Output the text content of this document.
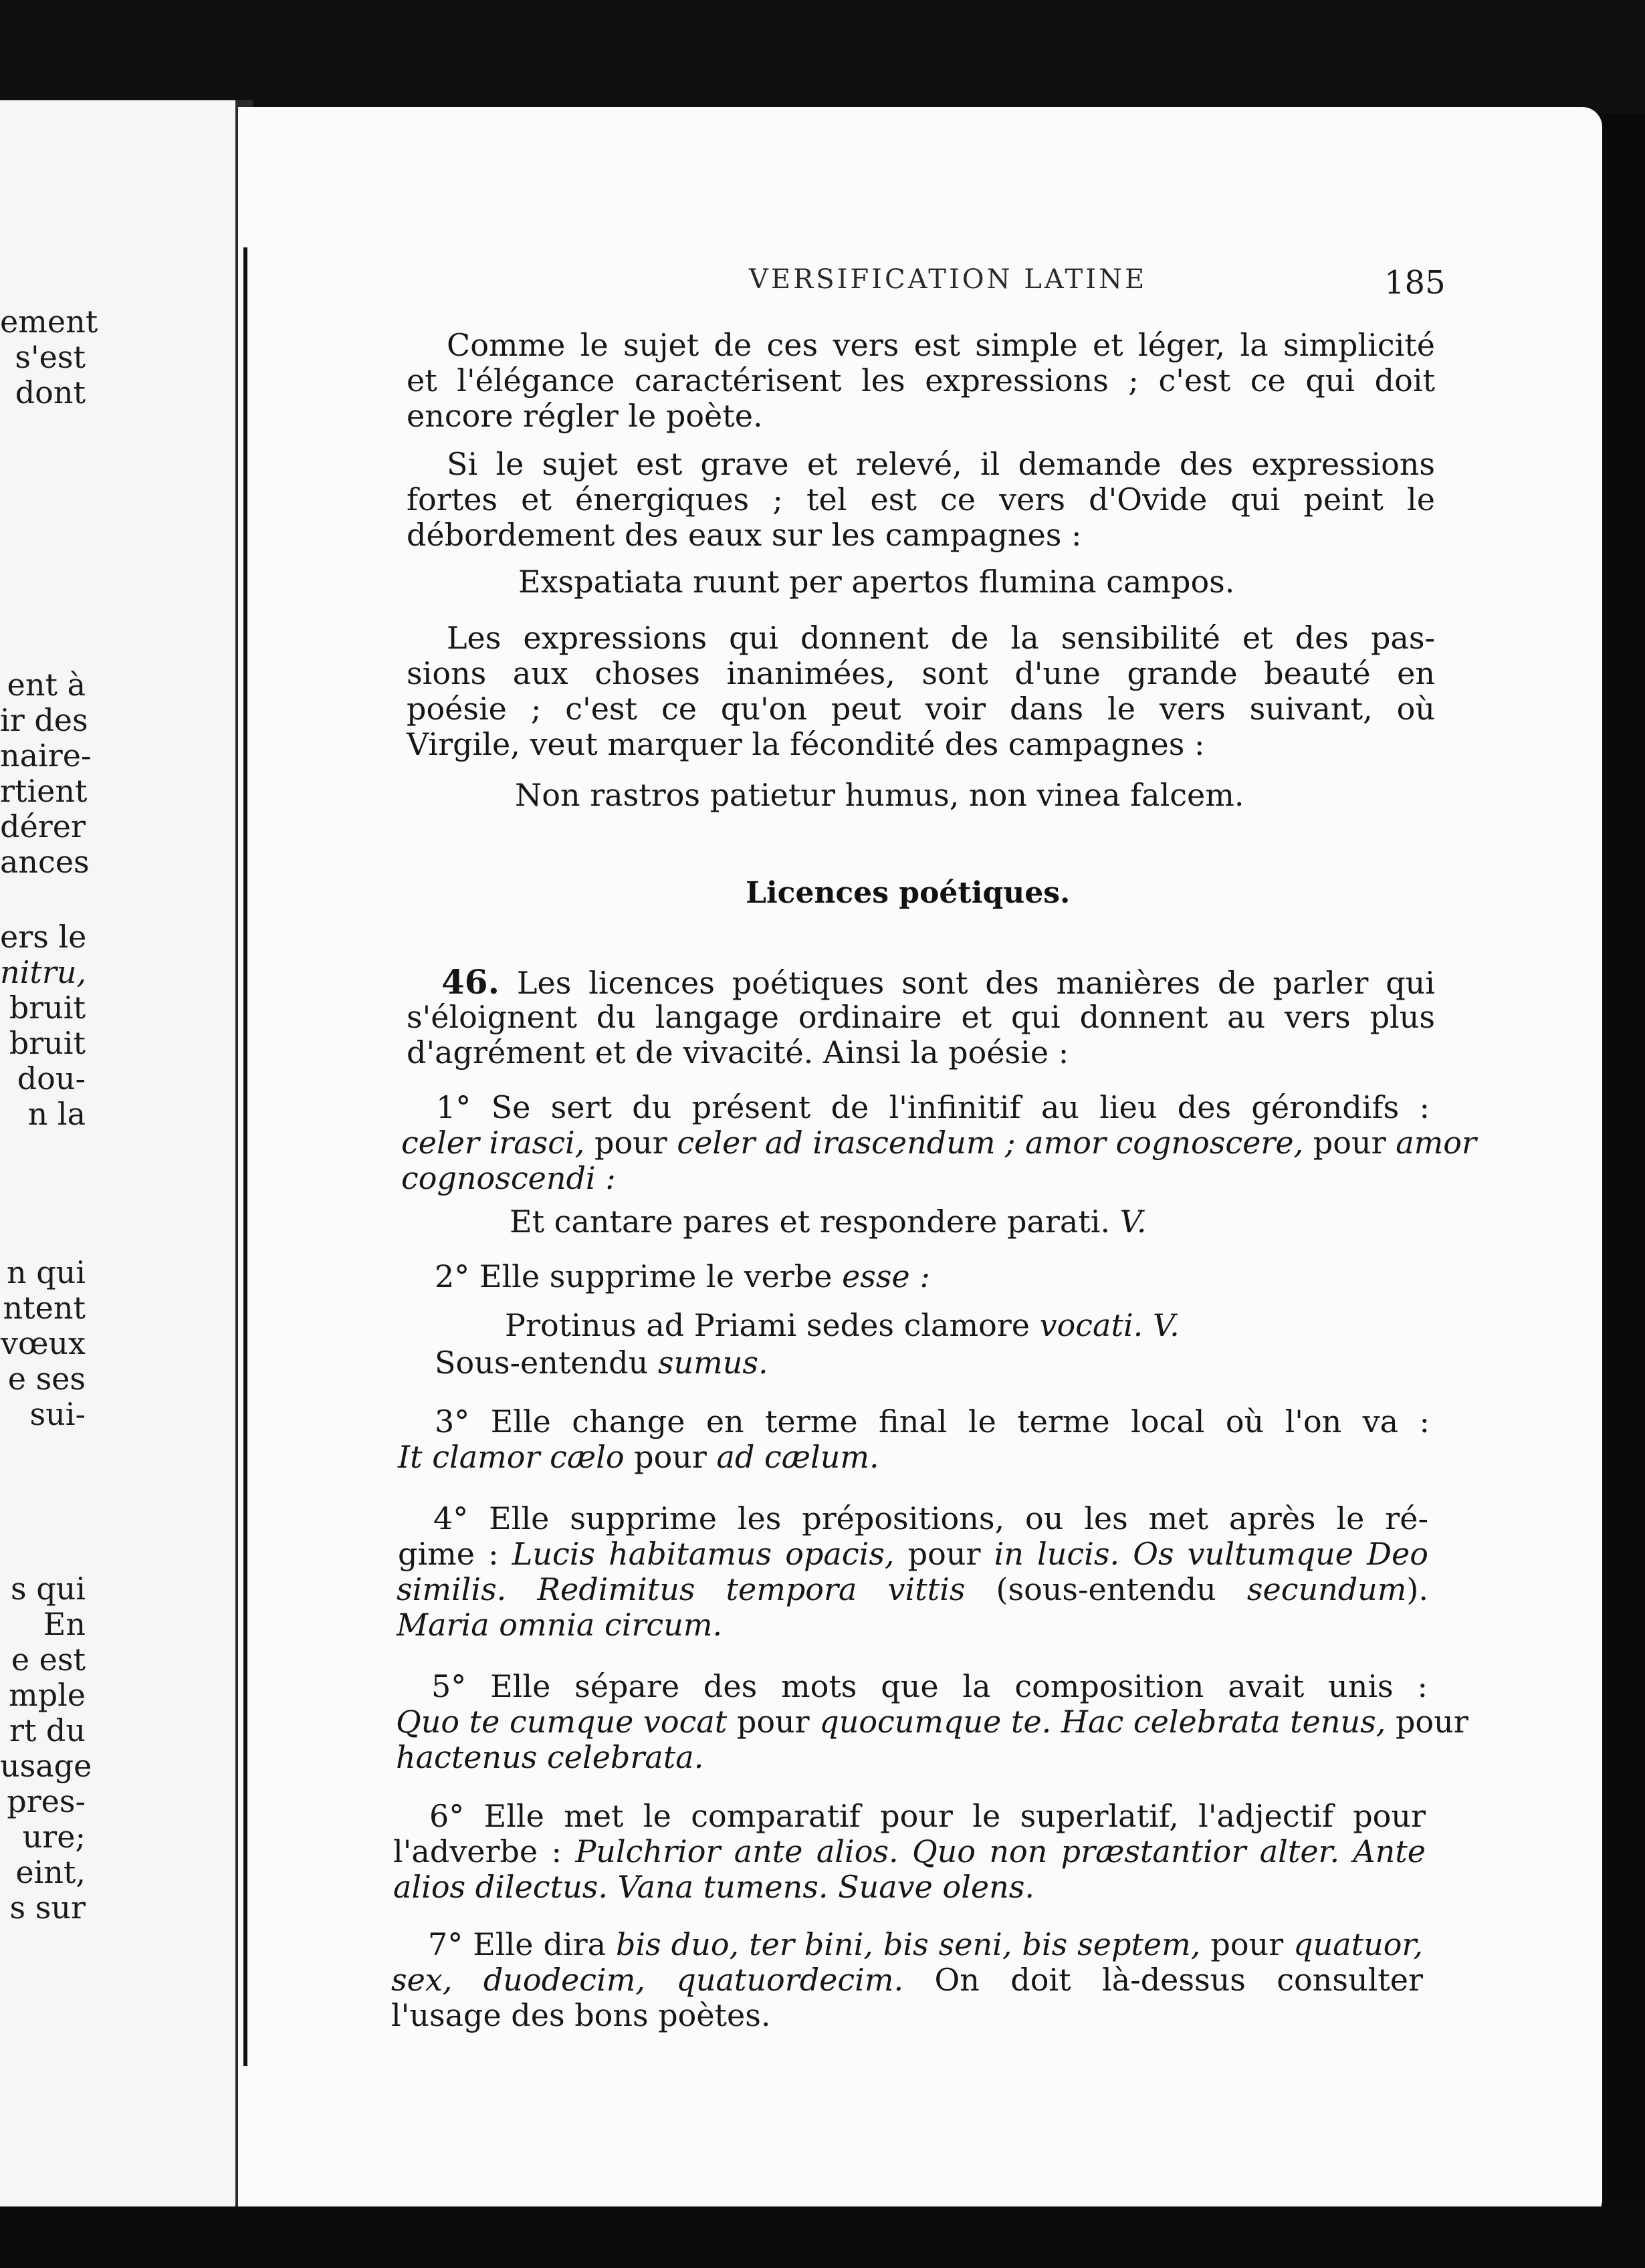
ement
s'est
dont
ent à
ir des
naire-
rtient
dérer
ances
ers le
nitru,
bruit
bruit
dou-
n la
n qui
ntent
vœux
e ses
sui-
s qui
En
e est
mple
rt du
usage
pres-
ure;
eint,
s sur
VERSIFICATION LATINE	185
Comme le sujet de ces vers est simple et léger, la simplicité
et l'élégance caractérisent les expressions ; c'est ce qui doit
encore régler le poète.
Si le sujet est grave et relevé, il demande des expressions
fortes et énergiques ; tel est ce vers d'Ovide qui peint le
débordement des eaux sur les campagnes :
Exspatiata ruunt per apertos flumina campos.
Les expressions qui donnent de la sensibilité et des pas-
sions aux choses inanimées, sont d'une grande beauté en
poésie ; c'est ce qu'on peut voir dans le vers suivant, où
Virgile, veut marquer la fécondité des campagnes :
Non rastros patietur humus, non vinea falcem.
Licences poétiques.
46. Les licences poétiques sont des manières de parler qui
s'éloignent du langage ordinaire et qui donnent au vers plus
d'agrément et de vivacité. Ainsi la poésie :
1° Se sert du présent de l'infinitif au lieu des gérondifs :
celer irasci, pour celer ad irascendum ; amor cognoscere, pour amor
cognoscendi :
Et cantare pares et respondere parati. V.
2° Elle supprime le verbe esse :
Protinus ad Priami sedes clamore vocati. V.
Sous-entendu sumus.
3° Elle change en terme final le terme local où l'on va :
It clamor cælo pour ad cælum.
4° Elle supprime les prépositions, ou les met après le ré-
gime : Lucis habitamus opacis, pour in lucis. Os vultumque Deo
similis. Redimitus tempora vittis (sous-entendu secundum).
Maria omnia circum.
5° Elle sépare des mots que la composition avait unis :
Quo te cumque vocat pour quocumque te. Hac celebrata tenus, pour
hactenus celebrata.
6° Elle met le comparatif pour le superlatif, l'adjectif pour
l'adverbe : Pulchrior ante alios. Quo non præstantior alter. Ante
alios dilectus. Vana tumens. Suave olens.
7° Elle dira bis duo, ter bini, bis seni, bis septem, pour quatuor,
sex, duodecim, quatuordecim. On doit là-dessus consulter
l'usage des bons poètes.
